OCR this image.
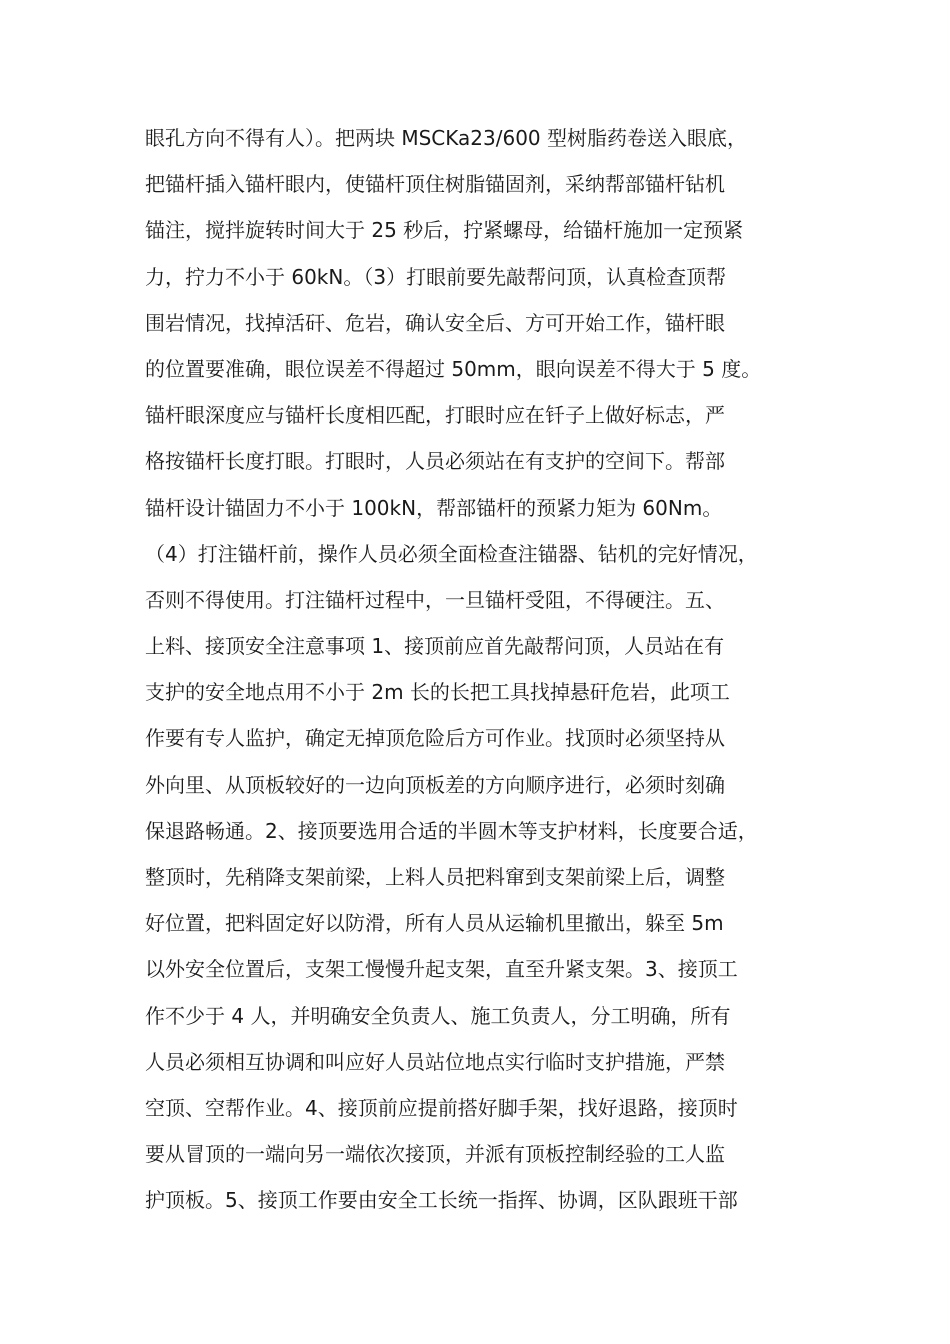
眼孔方向不得有人）。把两块 MSCKa23/600 型树脂药卷送入眼底，
把锚杆插入锚杆眼内，使锚杆顶住树脂锚固剂，采纳帮部锚杆钻机
锚注，搅拌旋转时间大于 25 秒后，拧紧螺母，给锚杆施加一定预紧
力，拧力不小于 60kN。（3）打眼前要先敲帮问顶，认真检查顶帮
围岩情况，找掉活矸、危岩，确认安全后、方可开始工作，锚杆眼
的位置要准确，眼位误差不得超过 50mm，眼向误差不得大于 5 度。
锚杆眼深度应与锚杆长度相匹配，打眼时应在钎子上做好标志，严
格按锚杆长度打眼。打眼时，人员必须站在有支护的空间下。帮部
锚杆设计锚固力不小于 100kN，帮部锚杆的预紧力矩为 60Nm。
（4）打注锚杆前，操作人员必须全面检查注锚器、钻机的完好情况，
否则不得使用。打注锚杆过程中，一旦锚杆受阻，不得硬注。五、
上料、接顶安全注意事项 1、接顶前应首先敲帮问顶，人员站在有
支护的安全地点用不小于 2m 长的长把工具找掉悬矸危岩，此项工
作要有专人监护，确定无掉顶危险后方可作业。找顶时必须坚持从
外向里、从顶板较好的一边向顶板差的方向顺序进行，必须时刻确
保退路畅通。2、接顶要选用合适的半圆木等支护材料，长度要合适，
整顶时，先稍降支架前梁，上料人员把料窜到支架前梁上后，调整
好位置，把料固定好以防滑，所有人员从运输机里撤出，躲至 5m
以外安全位置后，支架工慢慢升起支架，直至升紧支架。3、接顶工
作不少于 4 人，并明确安全负责人、施工负责人，分工明确，所有
人员必须相互协调和叫应好人员站位地点实行临时支护措施，严禁
空顶、空帮作业。4、接顶前应提前搭好脚手架，找好退路，接顶时
要从冒顶的一端向另一端依次接顶，并派有顶板控制经验的工人监
护顶板。5、接顶工作要由安全工长统一指挥、协调，区队跟班干部
